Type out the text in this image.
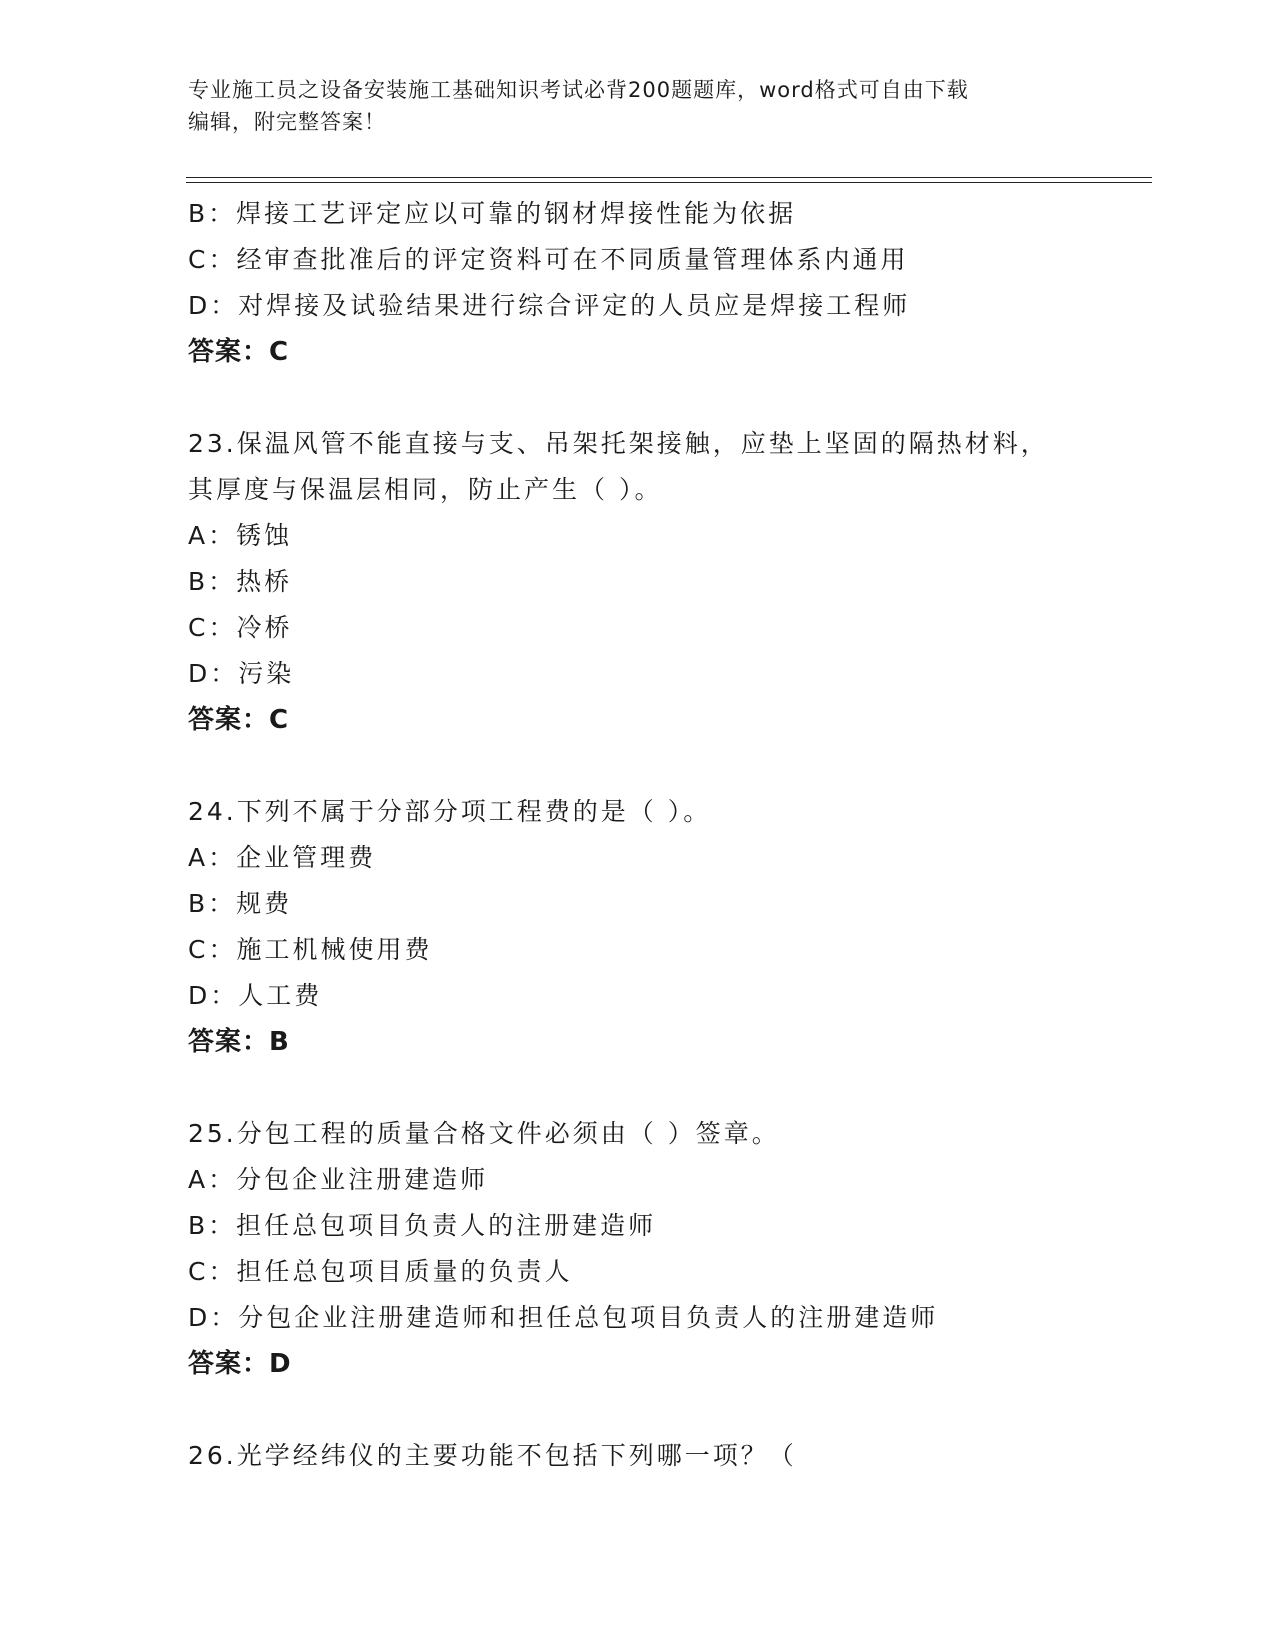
专业施工员之设备安装施工基础知识考试必背200题题库，word格式可自由下载
编辑，附完整答案！
B：焊接工艺评定应以可靠的钢材焊接性能为依据
C：经审查批准后的评定资料可在不同质量管理体系内通用
D：对焊接及试验结果进行综合评定的人员应是焊接工程师
答案：C
23.保温风管不能直接与支、吊架托架接触，应垫上坚固的隔热材料，
其厚度与保温层相同，防止产生（ ）。
A：锈蚀
B：热桥
C：冷桥
D：污染
答案：C
24.下列不属于分部分项工程费的是（ ）。
A：企业管理费
B：规费
C：施工机械使用费
D：人工费
答案：B
25.分包工程的质量合格文件必须由（ ）签章。
A：分包企业注册建造师
B：担任总包项目负责人的注册建造师
C：担任总包项目质量的负责人
D：分包企业注册建造师和担任总包项目负责人的注册建造师
答案：D
26.光学经纬仪的主要功能不包括下列哪一项？（
